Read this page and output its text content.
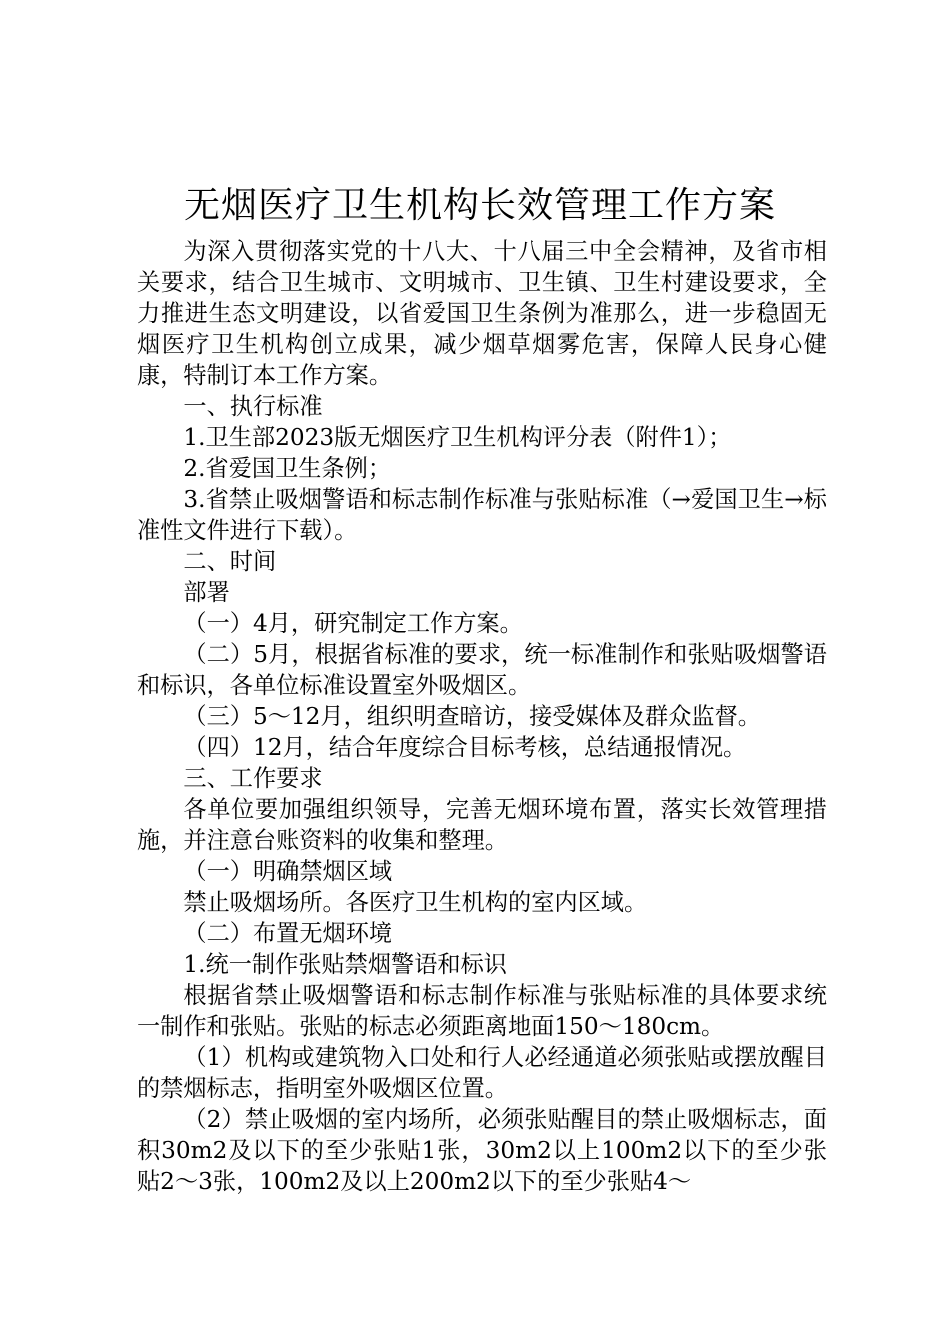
无烟医疗卫生机构长效管理工作方案

为深入贯彻落实党的十八大、十八届三中全会精神，及省市相关要求，结合卫生城市、文明城市、卫生镇、卫生村建设要求，全力推进生态文明建设，以省爱国卫生条例为准那么，进一步稳固无烟医疗卫生机构创立成果，减少烟草烟雾危害，保障人民身心健康，特制订本工作方案。

一、执行标准

1.卫生部2023版无烟医疗卫生机构评分表（附件1）；

2.省爱国卫生条例；

3.省禁止吸烟警语和标志制作标准与张贴标准（→爱国卫生→标准性文件进行下载）。

二、时间

部署

（一）4月，研究制定工作方案。

（二）5月，根据省标准的要求，统一标准制作和张贴吸烟警语和标识，各单位标准设置室外吸烟区。

（三）5～12月，组织明查暗访，接受媒体及群众监督。

（四）12月，结合年度综合目标考核，总结通报情况。

三、工作要求

各单位要加强组织领导，完善无烟环境布置，落实长效管理措施，并注意台账资料的收集和整理。

（一）明确禁烟区域

禁止吸烟场所。各医疗卫生机构的室内区域。

（二）布置无烟环境

1.统一制作张贴禁烟警语和标识

根据省禁止吸烟警语和标志制作标准与张贴标准的具体要求统一制作和张贴。张贴的标志必须距离地面150～180cm。

（1）机构或建筑物入口处和行人必经通道必须张贴或摆放醒目的禁烟标志，指明室外吸烟区位置。

（2）禁止吸烟的室内场所，必须张贴醒目的禁止吸烟标志，面积30m2及以下的至少张贴1张，30m2以上100m2以下的至少张贴2～3张，100m2及以上200m2以下的至少张贴4～
